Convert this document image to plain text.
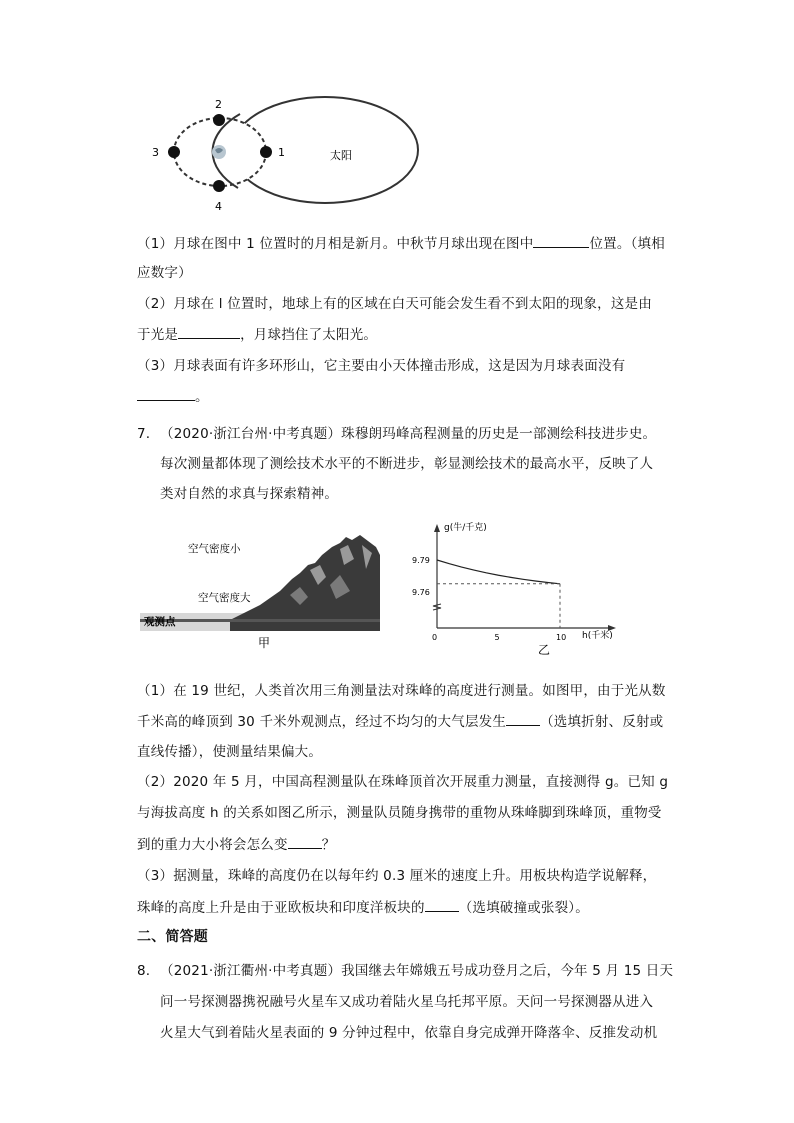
1
2
3
4
太阳
（1）月球在图中 1 位置时的月相是新月。中秋节月球出现在图中	位置。（填相
应数字）
（2）月球在 l 位置时，地球上有的区域在白天可能会发生看不到太阳的现象，这是由
于光是	，月球挡住了太阳光。
（3）月球表面有许多环形山，它主要由小天体撞击形成，这是因为月球表面没有
。
7. （2020·浙江台州·中考真题）珠穆朗玛峰高程测量的历史是一部测绘科技进步史。
每次测量都体现了测绘技术水平的不断进步，彰显测绘技术的最高水平，反映了人
类对自然的求真与探索精神。
空气密度小
空气密度大
观测点
甲
g(牛/千克)
h(千米)
9.79
9.76
0	5	10
乙
（1）在 19 世纪，人类首次用三角测量法对珠峰的高度进行测量。如图甲，由于光从数
千米高的峰顶到 30 千米外观测点，经过不均匀的大气层发生	（选填折射、反射或
直线传播），使测量结果偏大。
（2）2020 年 5 月，中国高程测量队在珠峰顶首次开展重力测量，直接测得 g。已知 g
与海拔高度 h 的关系如图乙所示，测量队员随身携带的重物从珠峰脚到珠峰顶，重物受
到的重力大小将会怎么变	？
（3）据测量，珠峰的高度仍在以每年约 0.3 厘米的速度上升。用板块构造学说解释，
珠峰的高度上升是由于亚欧板块和印度洋板块的	（选填破撞或张裂）。
二、简答题
8. （2021·浙江衢州·中考真题）我国继去年嫦娥五号成功登月之后，今年 5 月 15 日天
问一号探测器携祝融号火星车又成功着陆火星乌托邦平原。天问一号探测器从进入
火星大气到着陆火星表面的 9 分钟过程中，依靠自身完成弹开降落伞、反推发动机
